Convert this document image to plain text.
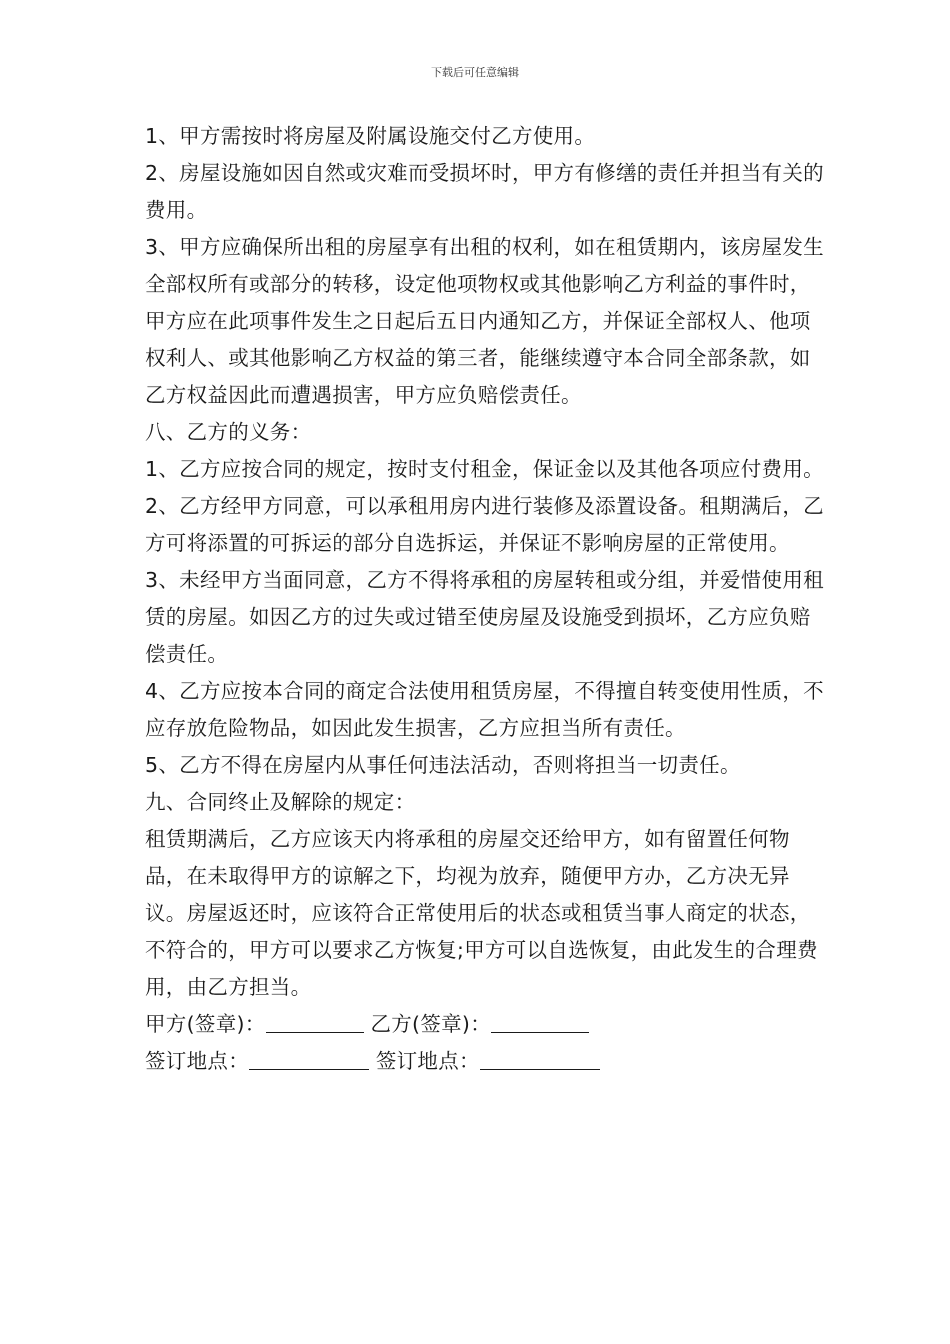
下载后可任意编辑

1、甲方需按时将房屋及附属设施交付乙方使用。

2、房屋设施如因自然或灾难而受损坏时，甲方有修缮的责任并担当有关的费用。

3、甲方应确保所出租的房屋享有出租的权利，如在租赁期内，该房屋发生全部权所有或部分的转移，设定他项物权或其他影响乙方利益的事件时，甲方应在此项事件发生之日起后五日内通知乙方，并保证全部权人、他项权利人、或其他影响乙方权益的第三者，能继续遵守本合同全部条款，如乙方权益因此而遭遇损害，甲方应负赔偿责任。

八、乙方的义务：

1、乙方应按合同的规定，按时支付租金，保证金以及其他各项应付费用。

2、乙方经甲方同意，可以承租用房内进行装修及添置设备。租期满后，乙方可将添置的可拆运的部分自选拆运，并保证不影响房屋的正常使用。

3、未经甲方当面同意，乙方不得将承租的房屋转租或分组，并爱惜使用租赁的房屋。如因乙方的过失或过错至使房屋及设施受到损坏，乙方应负赔偿责任。

4、乙方应按本合同的商定合法使用租赁房屋，不得擅自转变使用性质，不应存放危险物品，如因此发生损害，乙方应担当所有责任。

5、乙方不得在房屋内从事任何违法活动，否则将担当一切责任。

九、合同终止及解除的规定：

租赁期满后，乙方应该天内将承租的房屋交还给甲方，如有留置任何物品，在未取得甲方的谅解之下，均视为放弃，随便甲方办，乙方决无异议。房屋返还时，应该符合正常使用后的状态或租赁当事人商定的状态，不符合的，甲方可以要求乙方恢复;甲方可以自选恢复，由此发生的合理费用，由乙方担当。

甲方(签章)：	乙方(签章)：

签订地点：	签订地点：
